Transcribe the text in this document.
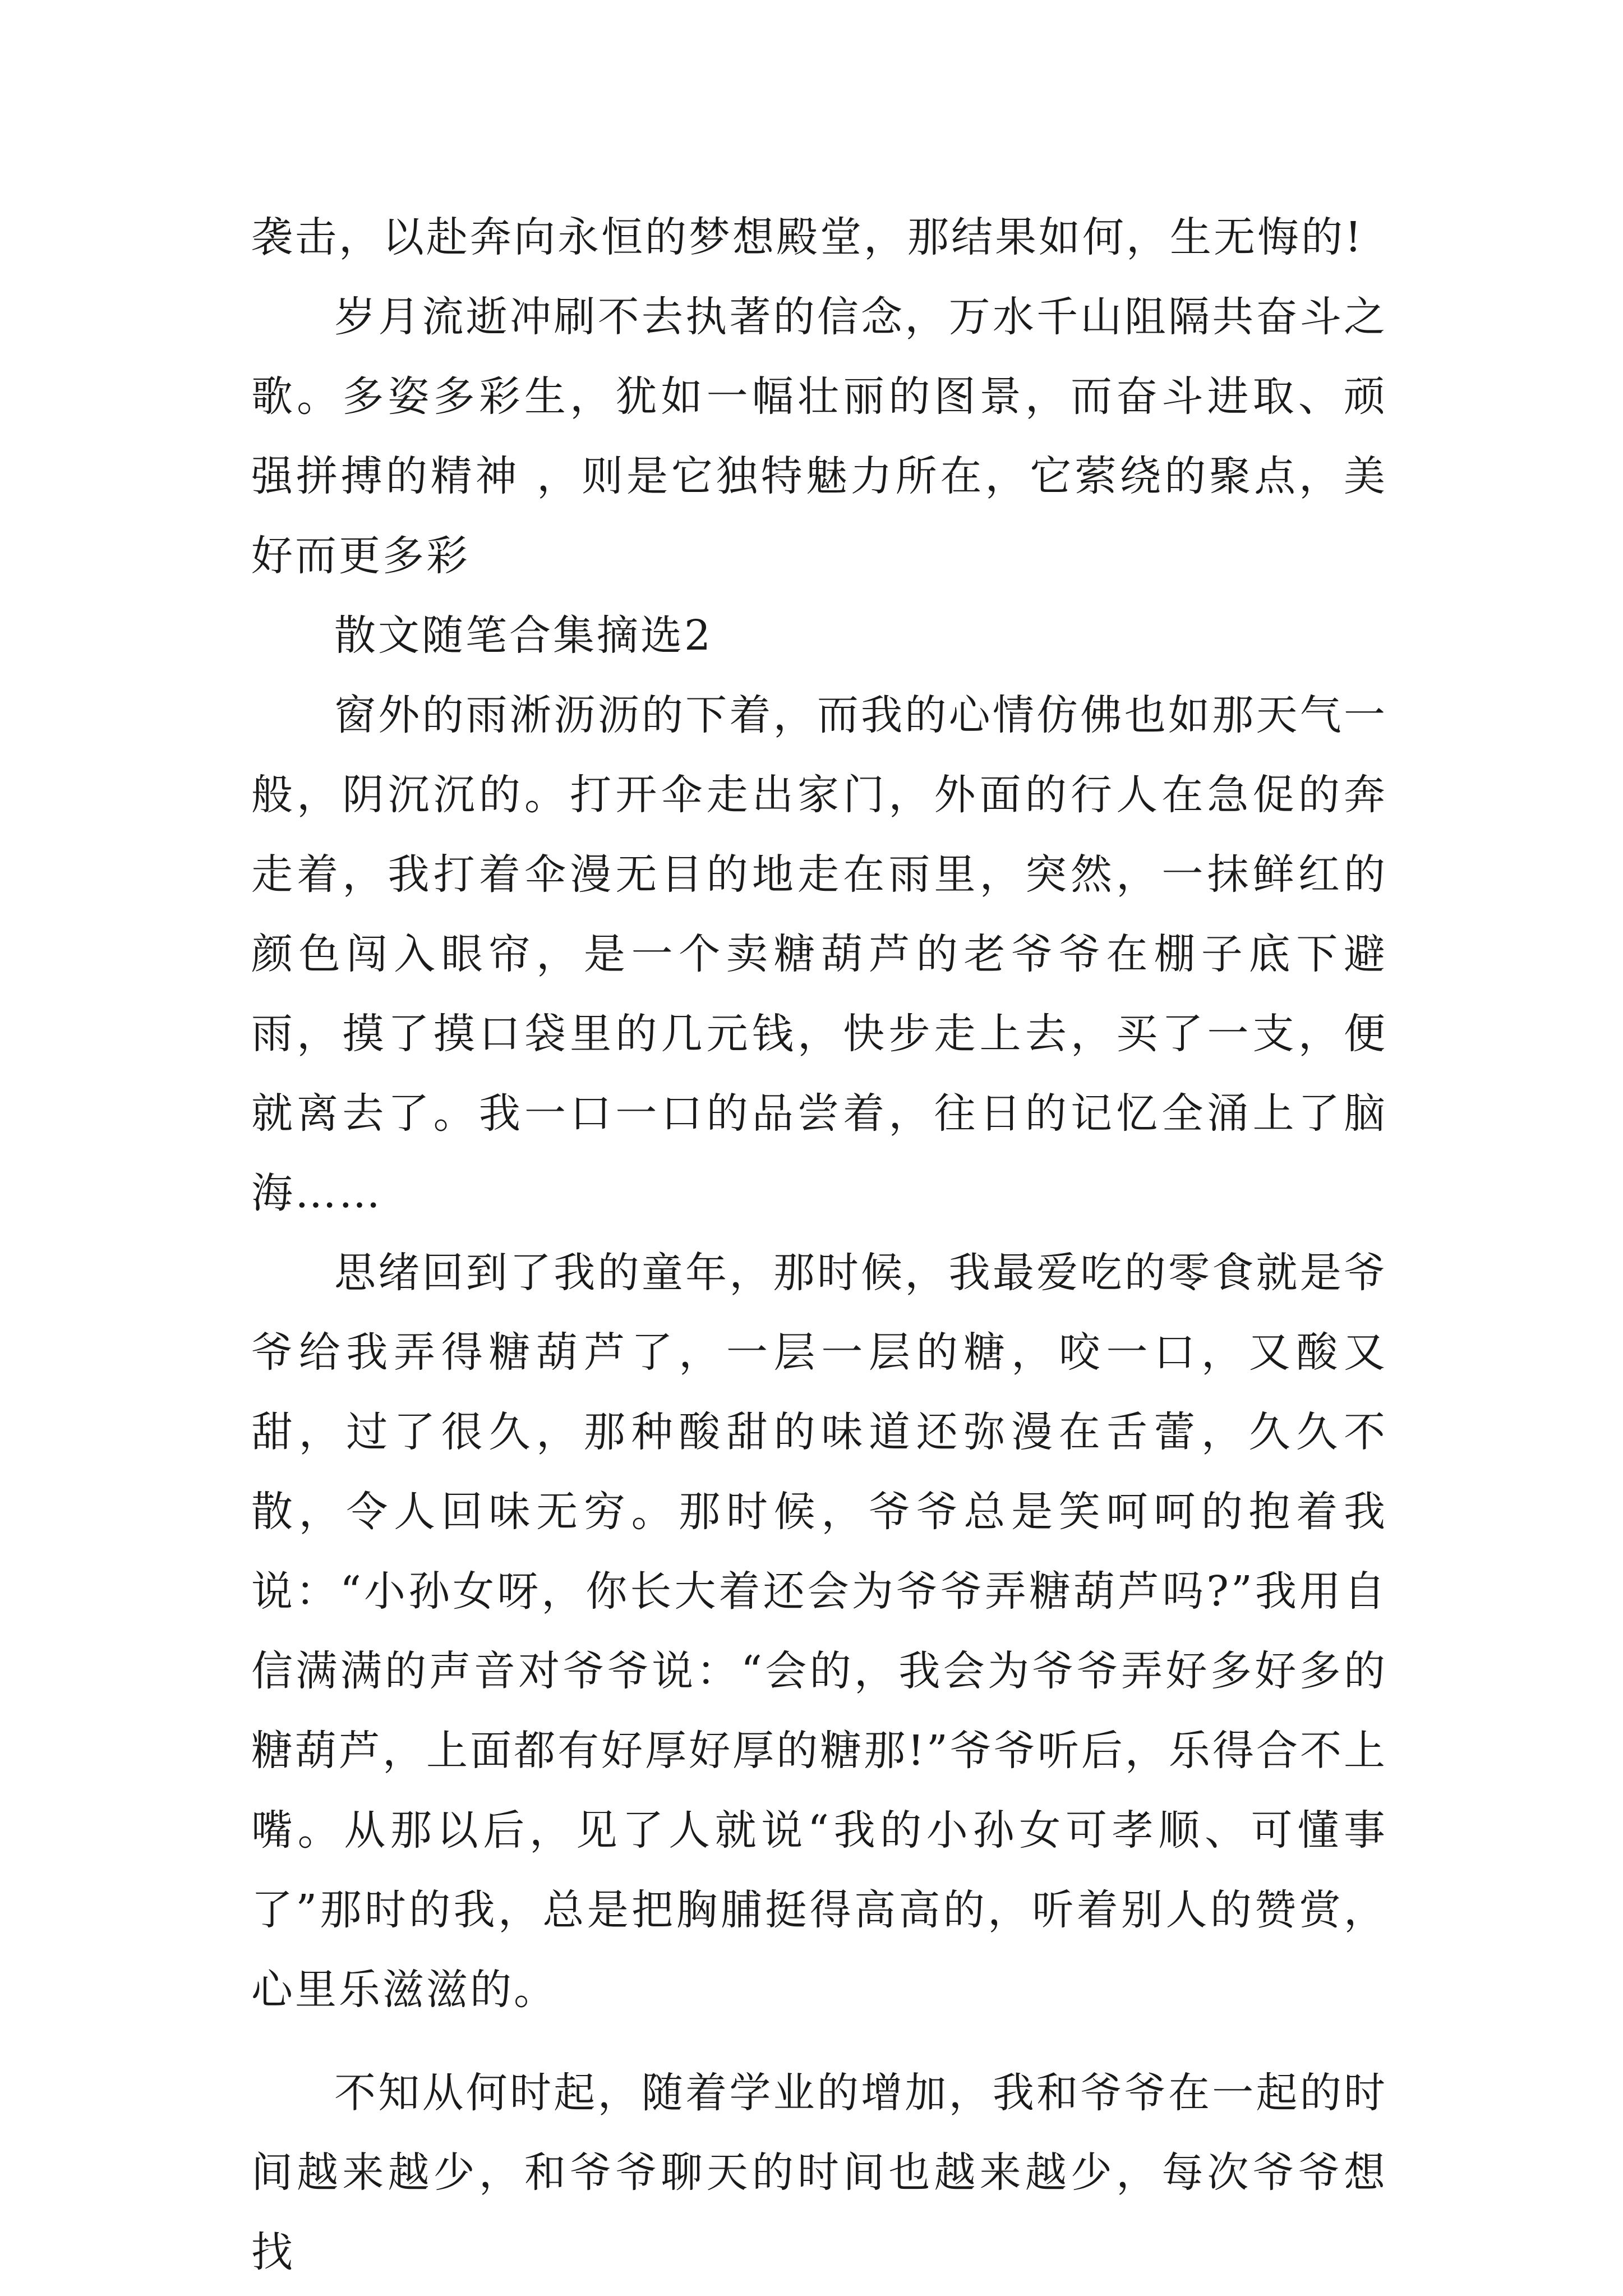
袭击，以赴奔向永恒的梦想殿堂，那结果如何，生无悔的!

岁月流逝冲刷不去执著的信念，万水千山阻隔共奋斗之歌。多姿多彩生，犹如一幅壮丽的图景，而奋斗进取、顽强拼搏的精神 ，则是它独特魅力所在，它萦绕的聚点，美好而更多彩

散文随笔合集摘选2

窗外的雨淅沥沥的下着，而我的心情仿佛也如那天气一般，阴沉沉的。打开伞走出家门，外面的行人在急促的奔走着，我打着伞漫无目的地走在雨里，突然，一抹鲜红的颜色闯入眼帘，是一个卖糖葫芦的老爷爷在棚子底下避雨，摸了摸口袋里的几元钱，快步走上去，买了一支，便就离去了。我一口一口的品尝着，往日的记忆全涌上了脑海……

思绪回到了我的童年，那时候，我最爱吃的零食就是爷爷给我弄得糖葫芦了，一层一层的糖，咬一口，又酸又甜，过了很久，那种酸甜的味道还弥漫在舌蕾，久久不散，令人回味无穷。那时候，爷爷总是笑呵呵的抱着我说：“小孙女呀，你长大着还会为爷爷弄糖葫芦吗?”我用自信满满的声音对爷爷说：“会的，我会为爷爷弄好多好多的糖葫芦，上面都有好厚好厚的糖那!”爷爷听后，乐得合不上嘴。从那以后，见了人就说“我的小孙女可孝顺、可懂事了”那时的我，总是把胸脯挺得高高的，听着别人的赞赏，心里乐滋滋的。

不知从何时起，随着学业的增加，我和爷爷在一起的时间越来越少，和爷爷聊天的时间也越来越少，每次爷爷想找
